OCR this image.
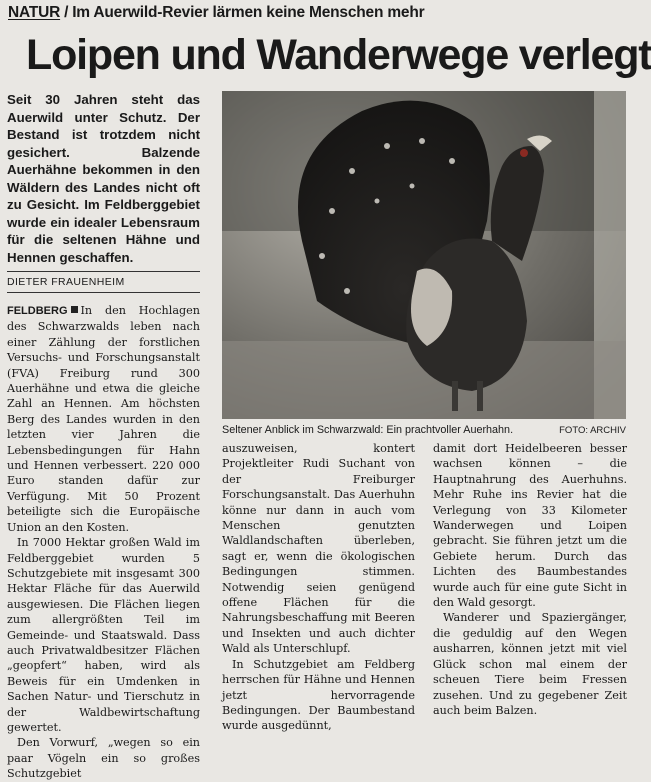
NATUR / Im Auerwild-Revier lärmen keine Menschen mehr
Loipen und Wanderwege verlegt
Seit 30 Jahren steht das Auerwild unter Schutz. Der Bestand ist trotzdem nicht gesichert. Balzende Auerhähne bekommen in den Wäldern des Landes nicht oft zu Gesicht. Im Feldberggebiet wurde ein idealer Lebensraum für die seltenen Hähne und Hennen geschaffen.
DIETER FRAUENHEIM
Seltener Anblick im Schwarzwald: Ein prachtvoller Auerhahn.	FOTO: ARCHIV

FELDBERG In den Hochlagen des Schwarzwalds leben nach einer Zählung der forstlichen Versuchs- und Forschungsanstalt (FVA) Freiburg rund 300 Auerhähne und etwa die gleiche Zahl an Hennen. Am höchsten Berg des Landes wurden in den letzten vier Jahren die Lebensbedingungen für Hahn und Hennen verbessert. 220 000 Euro standen dafür zur Verfügung. Mit 50 Prozent beteiligte sich die Europäische Union an den Kosten.

In 7000 Hektar großen Wald im Feldberggebiet wurden 5 Schutzgebiete mit insgesamt 300 Hektar Fläche für das Auerwild ausgewiesen. Die Flächen liegen zum allergrößten Teil im Gemeinde- und Staatswald. Dass auch Privatwaldbesitzer Flächen „geopfert“ haben, wird als Beweis für ein Umdenken in Sachen Natur- und Tierschutz in der Waldbewirtschaftung gewertet.

Den Vorwurf, „wegen so ein paar Vögeln ein so großes Schutzgebiet

auszuweisen, kontert Projektleiter Rudi Suchant von der Freiburger Forschungsanstalt. Das Auerhuhn könne nur dann in auch vom Menschen genutzten Waldlandschaften überleben, sagt er, wenn die ökologischen Bedingungen stimmen. Notwendig seien genügend offene Flächen für die Nahrungsbeschaffung mit Beeren und Insekten und auch dichter Wald als Unterschlupf.

In Schutzgebiet am Feldberg herrschen für Hähne und Hennen jetzt hervorragende Bedingungen. Der Baumbestand wurde ausgedünnt,

damit dort Heidelbeeren besser wachsen können – die Hauptnahrung des Auerhuhns. Mehr Ruhe ins Revier hat die Verlegung von 33 Kilometer Wanderwegen und Loipen gebracht. Sie führen jetzt um die Gebiete herum. Durch das Lichten des Baumbestandes wurde auch für eine gute Sicht in den Wald gesorgt.

Wanderer und Spaziergänger, die geduldig auf den Wegen ausharren, können jetzt mit viel Glück schon mal einem der scheuen Tiere beim Fressen zusehen. Und zu gegebener Zeit auch beim Balzen.
